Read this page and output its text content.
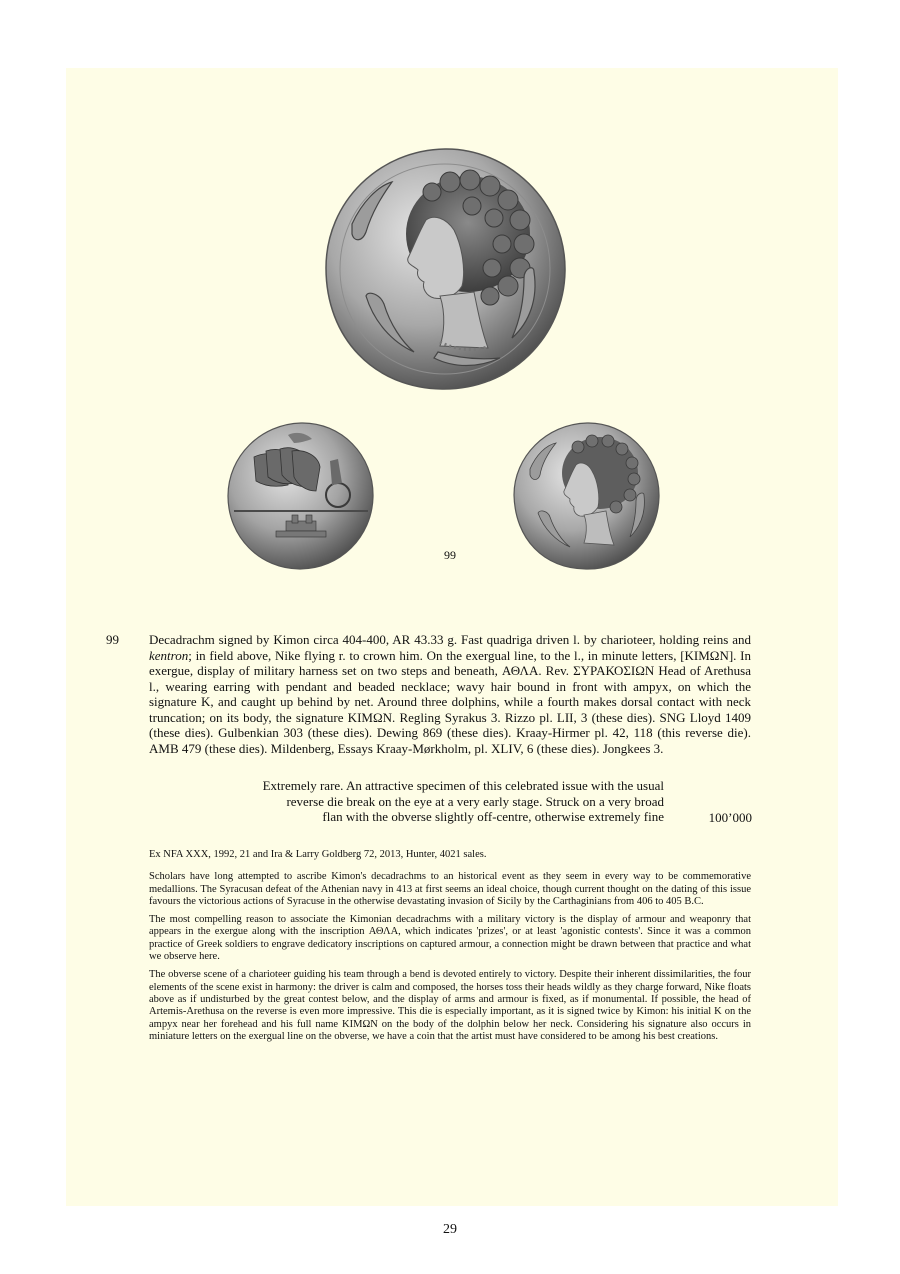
99
99 Decadrachm signed by Kimon circa 404-400, AR 43.33 g. Fast quadriga driven l. by charioteer, holding reins and kentron; in field above, Nike flying r. to crown him. On the exergual line, to the l., in minute letters, [ΚΙΜΩΝ]. In exergue, display of military harness set on two steps and beneath, ΑΘΛΑ. Rev. ΣΥΡΑΚΟΣΙΩΝ Head of Arethusa l., wearing earring with pendant and beaded necklace; wavy hair bound in front with ampyx, on which the signature K, and caught up behind by net. Around three dolphins, while a fourth makes dorsal contact with neck truncation; on its body, the signature ΚΙΜΩΝ. Regling Syrakus 3. Rizzo pl. LII, 3 (these dies). SNG Lloyd 1409 (these dies). Gulbenkian 303 (these dies). Dewing 869 (these dies). Kraay-Hirmer pl. 42, 118 (this reverse die). AMB 479 (these dies). Mildenberg, Essays Kraay-Mørkholm, pl. XLIV, 6 (these dies). Jongkees 3.

Extremely rare. An attractive specimen of this celebrated issue with the usual
reverse die break on the eye at a very early stage. Struck on a very broad
flan with the obverse slightly off-centre, otherwise extremely fine	100’000

Ex NFA XXX, 1992, 21 and Ira & Larry Goldberg 72, 2013, Hunter, 4021 sales.

Scholars have long attempted to ascribe Kimon's decadrachms to an historical event as they seem in every way to be commemorative medallions. The Syracusan defeat of the Athenian navy in 413 at first seems an ideal choice, though current thought on the dating of this issue favours the victorious actions of Syracuse in the otherwise devastating invasion of Sicily by the Carthaginians from 406 to 405 B.C.

The most compelling reason to associate the Kimonian decadrachms with a military victory is the display of armour and weaponry that appears in the exergue along with the inscription ΑΘΛΑ, which indicates 'prizes', or at least 'agonistic contests'. Since it was a common practice of Greek soldiers to engrave dedicatory inscriptions on captured armour, a connection might be drawn between that practice and what we observe here.

The obverse scene of a charioteer guiding his team through a bend is devoted entirely to victory. Despite their inherent dissimilarities, the four elements of the scene exist in harmony: the driver is calm and composed, the horses toss their heads wildly as they charge forward, Nike floats above as if undisturbed by the great contest below, and the display of arms and armour is fixed, as if monumental. If possible, the head of Artemis-Arethusa on the reverse is even more impressive. This die is especially important, as it is signed twice by Kimon: his initial K on the ampyx near her forehead and his full name ΚΙΜΩΝ on the body of the dolphin below her neck. Considering his signature also occurs in miniature letters on the exergual line on the obverse, we have a coin that the artist must have considered to be among his best creations.

29
